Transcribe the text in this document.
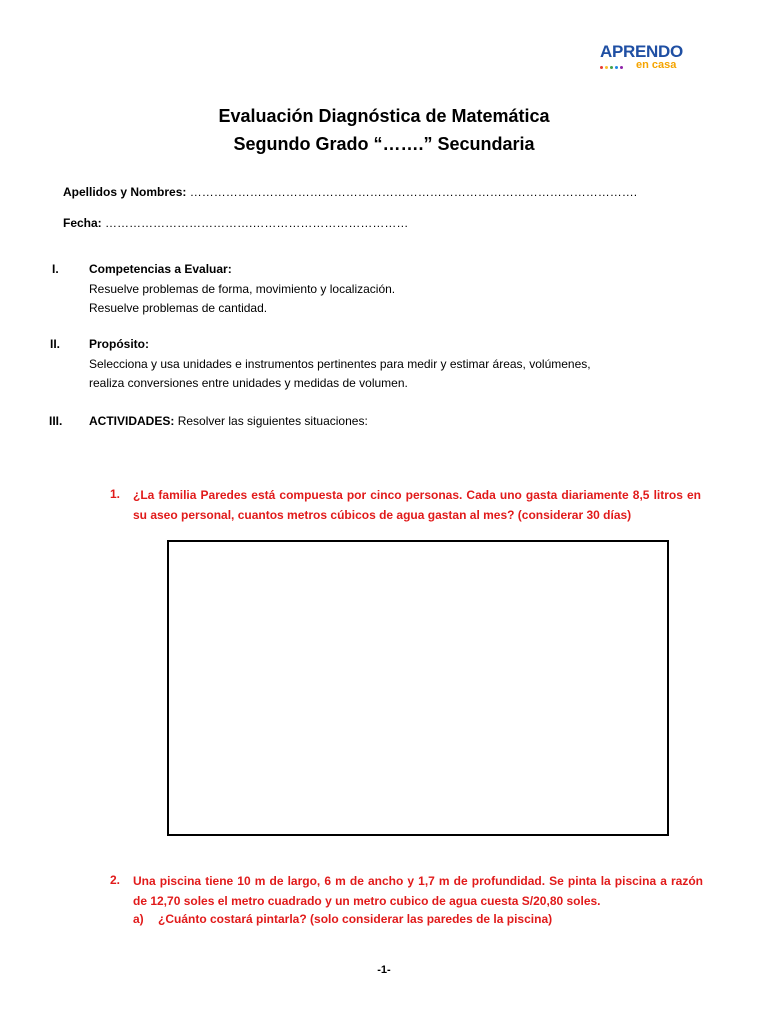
APRENDO
en casa
Evaluación Diagnóstica de Matemática
Segundo Grado “…….” Secundaria
Apellidos y Nombres: ………………………………………………………………………………………………….
Fecha: ……………………………….…………………………………
I.	Competencias a Evaluar:
Resuelve problemas de forma, movimiento y localización.
Resuelve problemas de cantidad.
II. Propósito:
Selecciona y usa unidades e instrumentos pertinentes para medir y estimar áreas, volúmenes,
realiza conversiones entre unidades y medidas de volumen.
III. ACTIVIDADES: Resolver las siguientes situaciones:
1. ¿La familia Paredes está compuesta por cinco personas. Cada uno gasta diariamente 8,5 litros en su aseo personal, cuantos metros cúbicos de agua gastan al mes? (considerar 30 días)
2. Una piscina tiene 10 m de largo, 6 m de ancho y 1,7 m de profundidad. Se pinta la piscina a razón de 12,70 soles el metro cuadrado y un metro cubico de agua cuesta S/20,80 soles.
a) ¿Cuánto costará pintarla? (solo considerar las paredes de la piscina)
-1-
